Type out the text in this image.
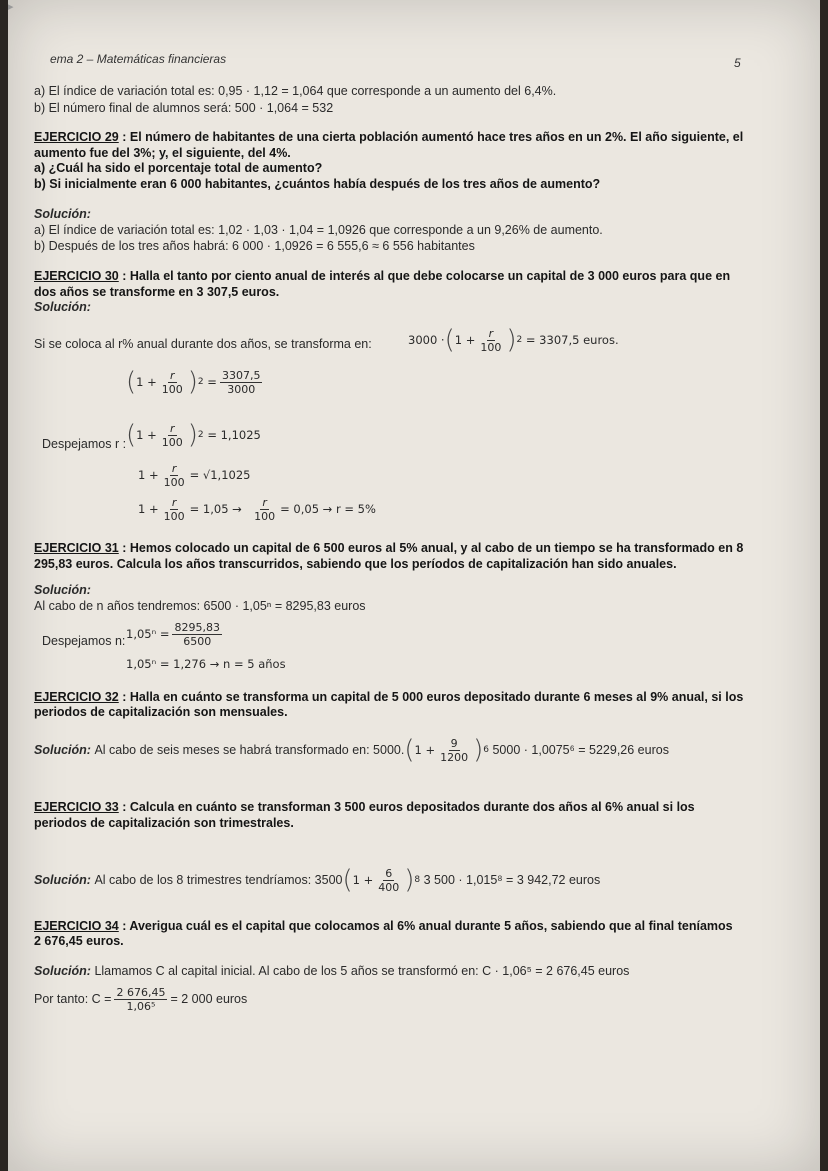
▸
ema 2 – Matemáticas financieras	5
a) El índice de variación total es: 0,95 · 1,12 = 1,064 que corresponde a un aumento del 6,4%.
b) El número final de alumnos será: 500 · 1,064 = 532
EJERCICIO 29 : El número de habitantes de una cierta población aumentó hace tres años en un 2%. El año siguiente, el
aumento fue del 3%; y, el siguiente, del 4%.
a) ¿Cuál ha sido el porcentaje total de aumento?
b) Si inicialmente eran 6 000 habitantes, ¿cuántos había después de los tres años de aumento?
Solución:
a) El índice de variación total es: 1,02 · 1,03 · 1,04 = 1,0926 que corresponde a un 9,26% de aumento.
b) Después de los tres años habrá: 6 000 · 1,0926 = 6 555,6 ≈ 6 556 habitantes
EJERCICIO 30 : Halla el tanto por ciento anual de interés al que debe colocarse un capital de 3 000 euros para que en
dos años se transforme en 3 307,5 euros.
Solución:
Si se coloca al r% anual durante dos años, se transforma en:	3000 · ( $1 + \frac{r}{100}$ ) 2
= 3307,5 euros.
( $1 + \frac{r}{100}$ ) $2 = \frac{3307,5}{3000}$
Despejamos r : ( $1 + \frac{r}{100}$ ) 2
= 1,1025
$1 + \frac{r}{100} = √1,1025$
$1 + \frac{r}{100} = 1,05$ →
$\frac{r}{100} = 0,05 \to r = 5\%$
EJERCICIO 31 : Hemos colocado un capital de 6 500 euros al 5% anual, y al cabo de un tiempo se ha transformado en 8
295,83 euros. Calcula los años transcurridos, sabiendo que los períodos de capitalización han sido anuales.
Solución:
Al cabo de n años tendremos: 6500 · 1,05ⁿ = 8295,83 euros
Despejamos n: $1,05^n = \frac{8295,83}{6500}$
1,05ⁿ = 1,276 → n = 5 años
EJERCICIO 32 : Halla en cuánto se transforma un capital de 5 000 euros depositado durante 6 meses al 9% anual, si los
periodos de capitalización son mensuales.
Solución:
Al cabo de seis meses se habrá transformado en: 5000. ( $1 + \frac{9}{1200}$ ) 6
5000 · 1,0075⁶ = 5229,26 euros
EJERCICIO 33 : Calcula en cuánto se transforman 3 500 euros depositados durante dos años al 6% anual si los
periodos de capitalización son trimestrales.
Solución:
Al cabo de los 8 trimestres tendríamos: 3500 ( $1 + \frac{6}{400}$ ) 8
3 500 · 1,015⁸ = 3 942,72 euros
EJERCICIO 34 : Averigua cuál es el capital que colocamos al 6% anual durante 5 años, sabiendo que al final teníamos
2 676,45 euros.
Solución: Llamamos C al capital inicial. Al cabo de los 5 años se transformó en: C · 1,06⁵ = 2 676,45 euros
Por tanto: $C = \frac{2 676,45}{\text{1,06⁵}} = 2$ 000 euros
